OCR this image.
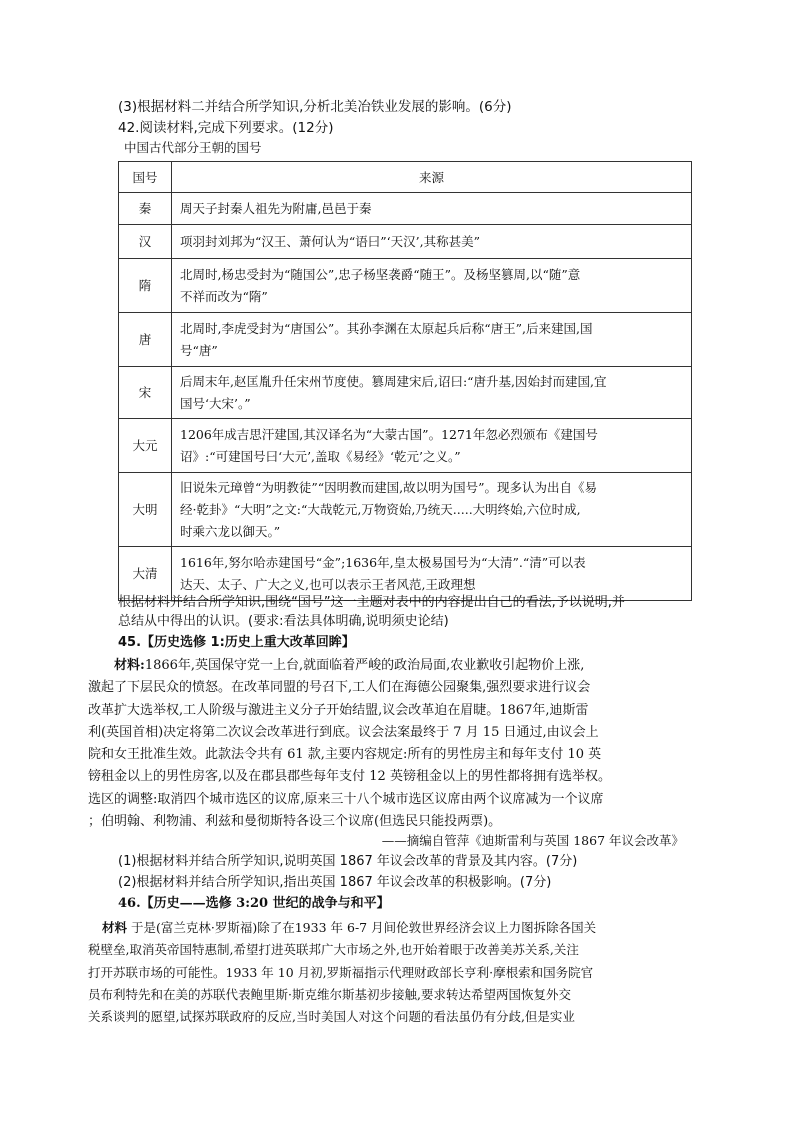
(3)根据材料二并结合所学知识,分析北美冶铁业发展的影响。(6分)
42.阅读材料,完成下列要求。(12分)
中国古代部分王朝的国号
国号	来源
秦	周天子封秦人祖先为附庸,邑邑于秦
汉	项羽封刘邦为“汉王、萧何认为“语曰”‘天汉’,其称甚美”
隋	北周时,杨忠受封为“随国公”,忠子杨坚袭爵“随王”。及杨坚篡周,以“随”意
不祥而改为“隋”
唐	北周时,李虎受封为“唐国公”。其孙李渊在太原起兵后称“唐王”,后来建国,国
号“唐”
宋	后周末年,赵匡胤升任宋州节度使。篡周建宋后,诏曰:“唐升基,因始封而建国,宜
国号‘大宋’。”
大元	1206年成吉思汗建国,其汉译名为“大蒙古国”。1271年忽必烈颁布《建国号
诏》:“可建国号曰‘大元’,盖取《易经》‘乾元’之义。”
大明	旧说朱元璋曾“为明教徒”“因明教而建国,故以明为国号”。现多认为出自《易
经·乾卦》“大明”之文:“大哉乾元,万物资始,乃统天.....大明终始,六位时成,
时乘六龙以御天。”
大清	1616年,努尔哈赤建国号“金”;1636年,皇太极易国号为“大清”.“清”可以表
达天、太子、广大之义,也可以表示王者风范,王政理想
根据材料并结合所学知识,围绕“国号”这一主题对表中的内容提出自己的看法,予以说明,并
总结从中得出的认识。(要求:看法具体明确,说明须史论结)
45.【历史选修 1:历史上重大改革回眸】
材料:1866年,英国保守党一上台,就面临着严峻的政治局面,农业歉收引起物价上涨,
激起了下层民众的愤怒。在改革同盟的号召下,工人们在海德公园聚集,强烈要求进行议会
改革扩大选举权,工人阶级与激进主义分子开始结盟,议会改革迫在眉睫。1867年,迪斯雷
利(英国首相)决定将第二次议会改革进行到底。议会法案最终于 7 月 15 日通过,由议会上
院和女王批准生效。此款法令共有 61 款,主要内容规定:所有的男性房主和每年支付 10 英
镑租金以上的男性房客,以及在郡县郡些每年支付 12 英镑租金以上的男性都将拥有选举权。
选区的调整:取消四个城市选区的议席,原来三十八个城市选区议席由两个议席减为一个议席
；伯明翰、利物浦、利兹和曼彻斯特各设三个议席(但选民只能投两票)。
——摘编自管萍《迪斯雷利与英国 1867 年议会改革》
(1)根据材料并结合所学知识,说明英国 1867 年议会改革的背景及其内容。(7分)
(2)根据材料并结合所学知识,指出英国 1867 年议会改革的积极影响。(7分)
46.【历史——选修 3:20 世纪的战争与和平】
材料 于是(富兰克林·罗斯福)除了在1933 年 6-7 月间伦敦世界经济会议上力图拆除各国关
税壁垒,取消英帝国特惠制,希望打进英联邦广大市场之外,也开始着眼于改善美苏关系,关注
打开苏联市场的可能性。1933 年 10 月初,罗斯福指示代理财政部长亨利·摩根索和国务院官
员布利特先和在美的苏联代表鲍里斯·斯克维尔斯基初步接触,要求转达希望两国恢复外交
关系谈判的愿望,试探苏联政府的反应,当时美国人对这个问题的看法虽仍有分歧,但是实业
